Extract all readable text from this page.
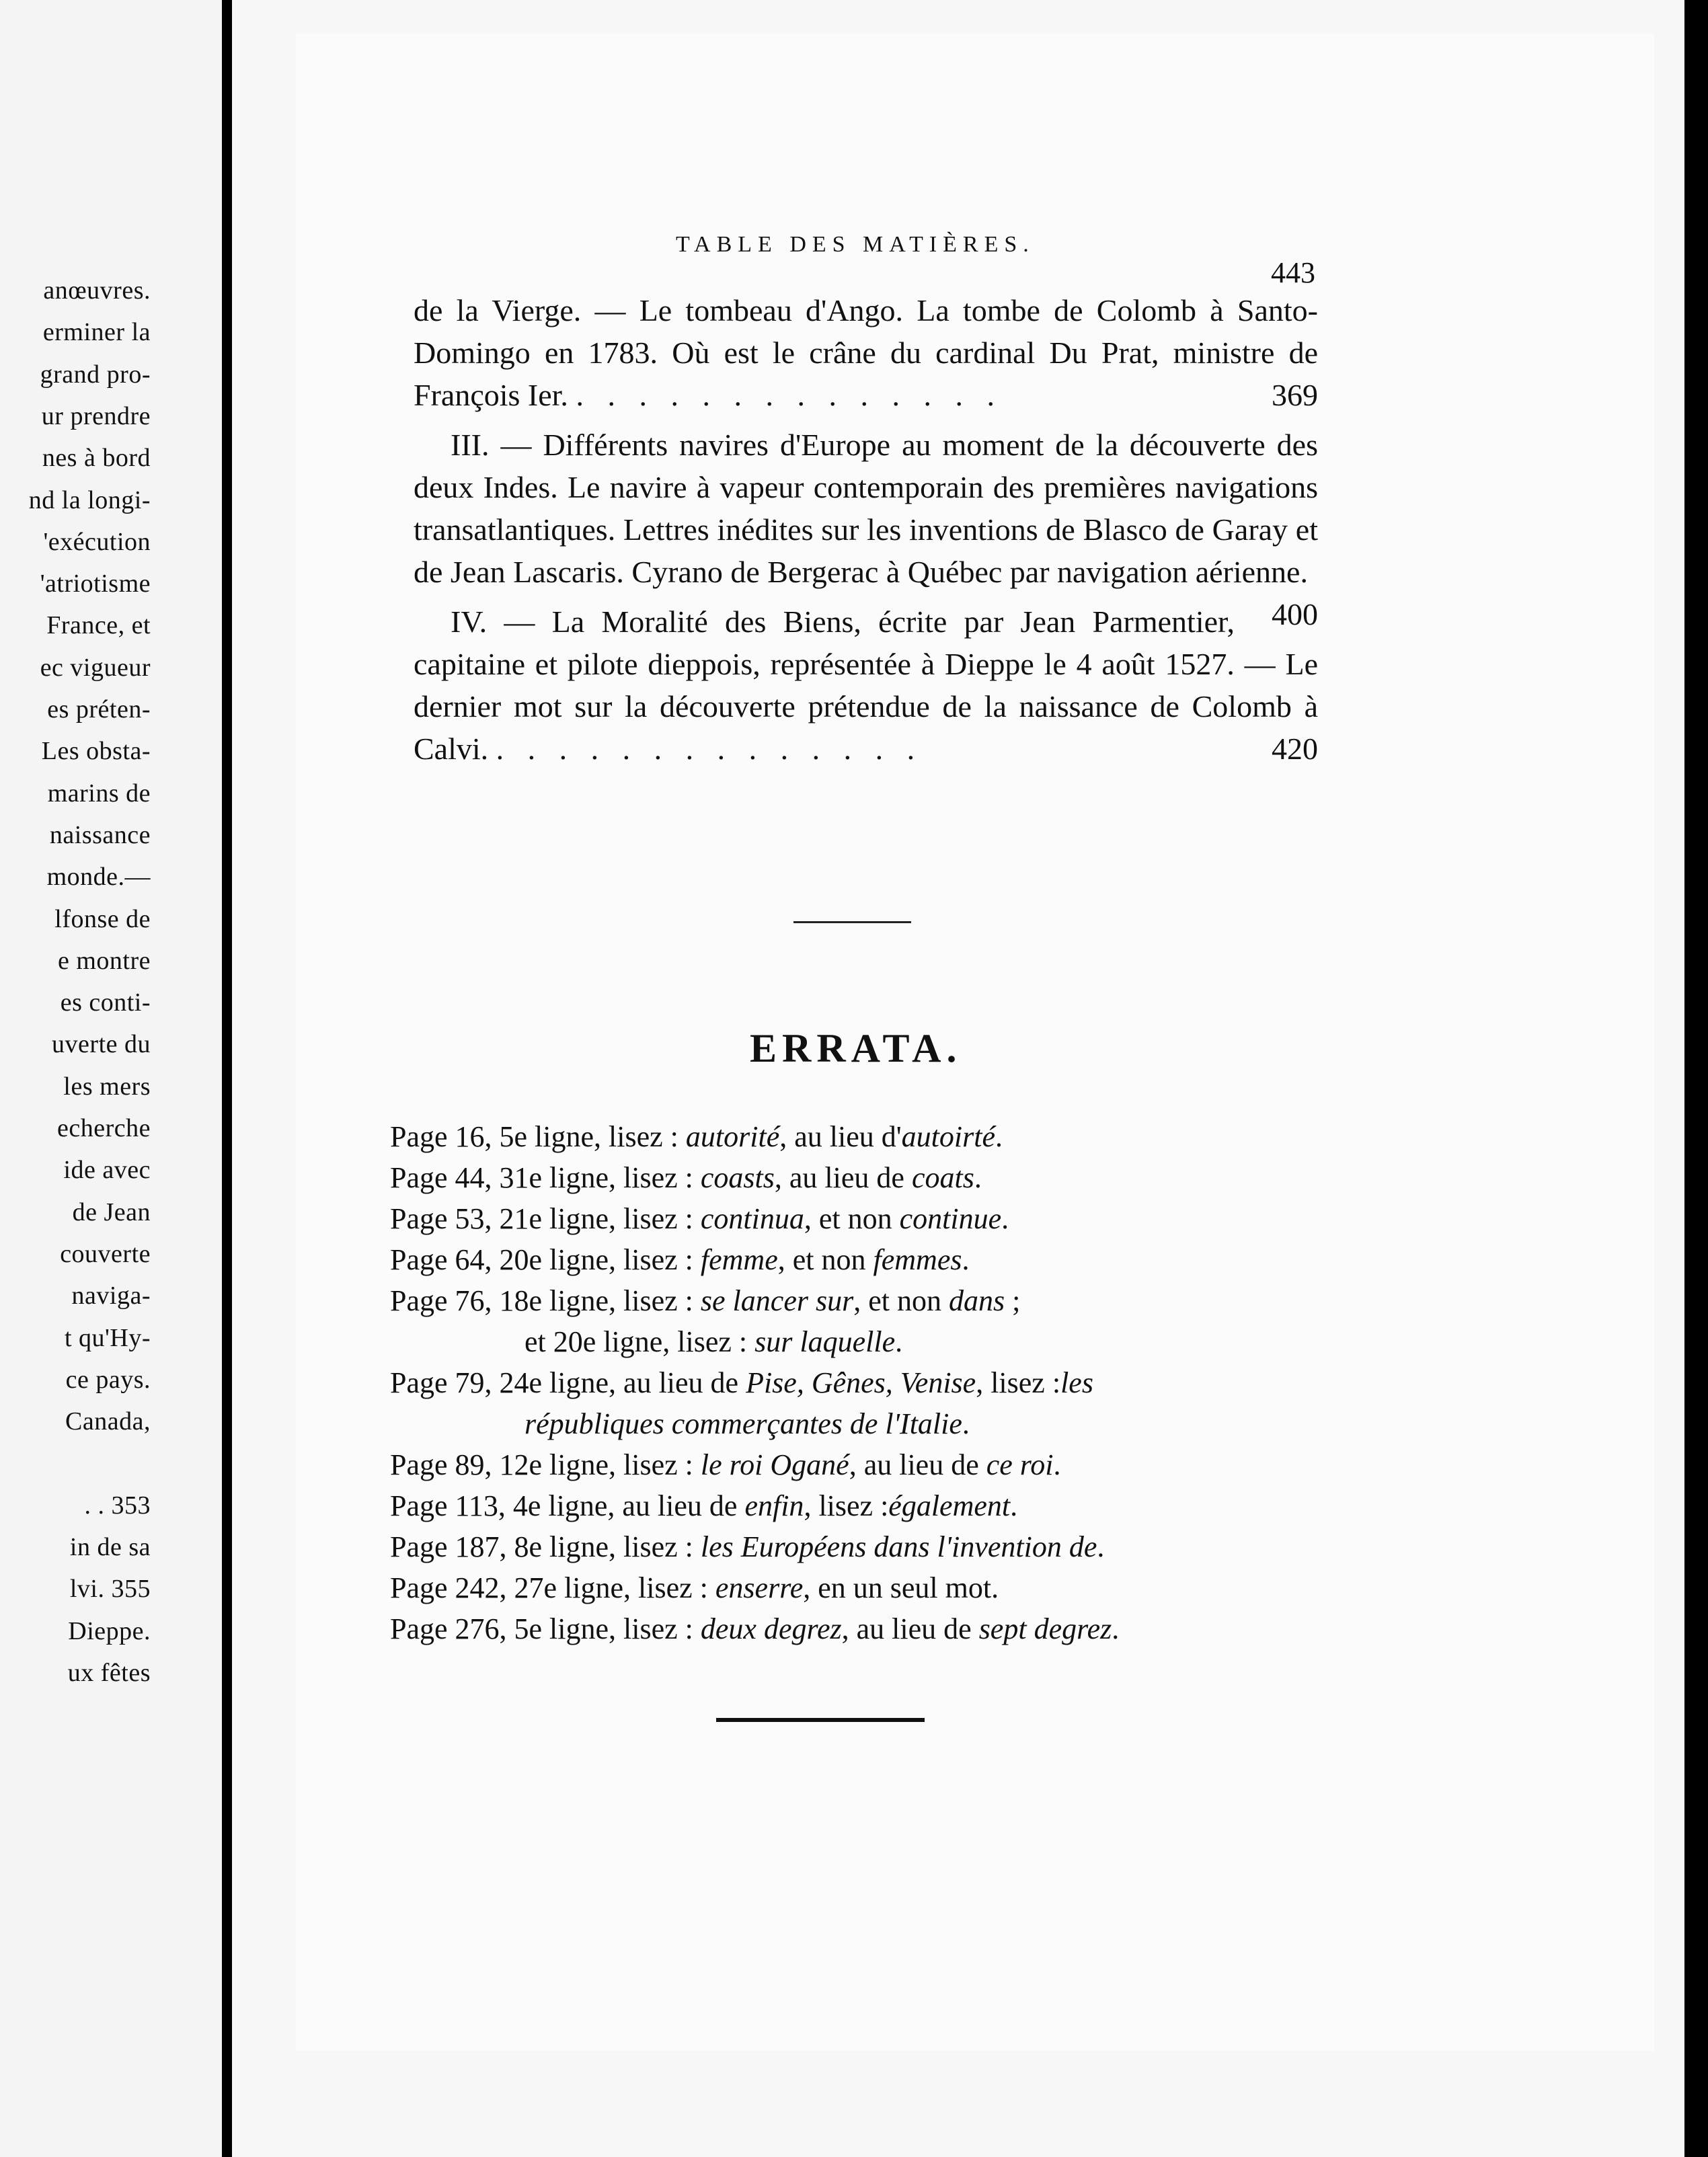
anœuvres.
erminer la
grand pro-
ur prendre
nes à bord
nd la longi-
'exécution
'atriotisme
France, et
ec vigueur
es préten-
Les obsta-
marins de
naissance
monde.—
lfonse de
e montre
es conti-
uverte du
les mers
echerche
ide avec
de Jean
couverte
naviga-
t qu'Hy-
ce pays.
Canada,
. . 353
in de sa
lvi. 355
Dieppe.
ux fêtes
TABLE DES MATIÈRES.
443

de la Vierge. — Le tombeau d'Ango. La tombe de Colomb à Santo-Domingo en 1783. Où est le crâne du cardinal Du Prat, ministre de François Ier. . . . . . . . . . . . . . .	369

III. — Différents navires d'Europe au moment de la découverte des deux Indes. Le navire à vapeur contemporain des premières navigations transatlantiques. Lettres inédites sur les inventions de Blasco de Garay et de Jean Lascaris. Cyrano de Bergerac à Québec par navigation aérienne.
400

IV. — La Moralité des Biens, écrite par Jean Parmentier, capitaine et pilote dieppois, représentée à Dieppe le 4 août 1527. — Le dernier mot sur la découverte prétendue de la naissance de Colomb à Calvi. . . . . . . . . . . . . . .	420

ERRATA.
Page 16, 5e ligne, lisez : autorité, au lieu d'autoirté.
Page 44, 31e ligne, lisez : coasts, au lieu de coats.
Page 53, 21e ligne, lisez : continua, et non continue.
Page 64, 20e ligne, lisez : femme, et non femmes.
Page 76, 18e ligne, lisez : se lancer sur, et non dans ;
et 20e ligne, lisez : sur laquelle.
Page 79, 24e ligne, au lieu de Pise, Gênes, Venise, lisez :les
républiques commerçantes de l'Italie.
Page 89, 12e ligne, lisez : le roi Ogané, au lieu de ce roi.
Page 113, 4e ligne, au lieu de enfin, lisez :également.
Page 187, 8e ligne, lisez : les Européens dans l'invention de.
Page 242, 27e ligne, lisez : enserre, en un seul mot.
Page 276, 5e ligne, lisez : deux degrez, au lieu de sept degrez.
